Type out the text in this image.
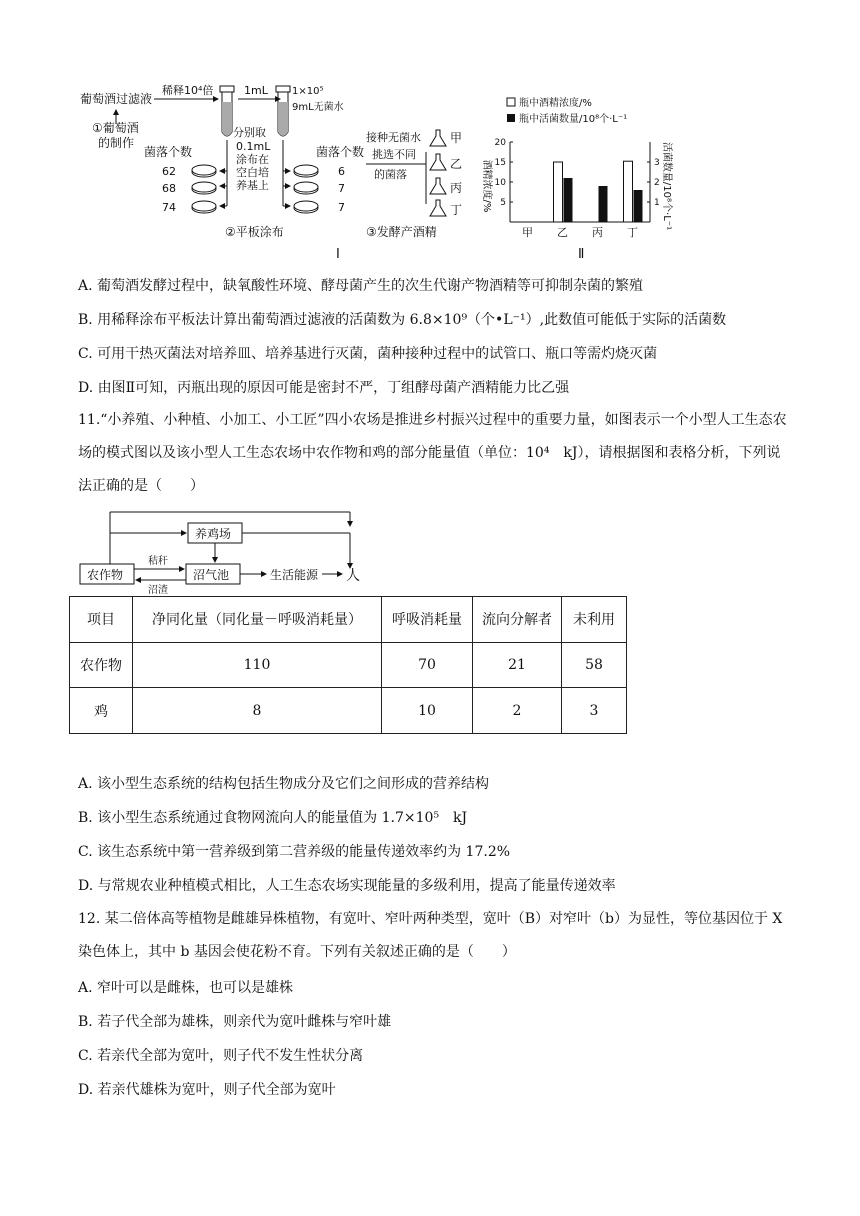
葡萄酒过滤液
①葡萄酒
的制作
稀释10⁴倍	1mL 1×10⁵
9mL无菌水
分别取
0.1mL
涂布在
空白培
养基上
菌落个数
62
68
74
菌落个数
6
7
7
②平板涂布
接种无菌水 甲
挑选不同
的菌落
乙
丙
丁
③发酵产酒精
Ⅰ
瓶中酒精浓度/%
瓶中活菌数量/10⁸个·L⁻¹
酒精浓度/%	活菌数量/10⁸个·L⁻¹
5
10
15
20
1
2
3
甲 乙 丙 丁
Ⅱ
A. 葡萄酒发酵过程中，缺氧酸性环境、酵母菌产生的次生代谢产物酒精等可抑制杂菌的繁殖
B. 用稀释涂布平板法计算出葡萄酒过滤液的活菌数为 6.8×10⁹（个•L⁻¹）,此数值可能低于实际的活菌数
C. 可用干热灭菌法对培养皿、培养基进行灭菌，菌种接种过程中的试管口、瓶口等需灼烧灭菌
D. 由图Ⅱ可知，丙瓶出现的原因可能是密封不严，丁组酵母菌产酒精能力比乙强
11.“小养殖、小种植、小加工、小工匠”四小农场是推进乡村振兴过程中的重要力量，如图表示一个小型人工生态农场的模式图以及该小型人工生态农场中农作物和鸡的部分能量值（单位：10⁴　kJ），请根据图和表格分析，下列说法正确的是（　　）
养鸡场
农作物	沼气池
秸秆
沼渣
生活能源 人
项目	净同化量（同化量－呼吸消耗量）	呼吸消耗量	流向分解者	未利用
农作物	110	70	21	58
鸡	8	10	2	3
A. 该小型生态系统的结构包括生物成分及它们之间形成的营养结构
B. 该小型生态系统通过食物网流向人的能量值为 1.7×10⁵　kJ
C. 该生态系统中第一营养级到第二营养级的能量传递效率约为 17.2%
D. 与常规农业种植模式相比，人工生态农场实现能量的多级利用，提高了能量传递效率
12. 某二倍体高等植物是雌雄异株植物，有宽叶、窄叶两种类型，宽叶（B）对窄叶（b）为显性，等位基因位于 X 染色体上，其中 b 基因会使花粉不育。下列有关叙述正确的是（　　）
A. 窄叶可以是雌株，也可以是雄株
B. 若子代全部为雄株，则亲代为宽叶雌株与窄叶雄
C. 若亲代全部为宽叶，则子代不发生性状分离
D. 若亲代雄株为宽叶，则子代全部为宽叶
